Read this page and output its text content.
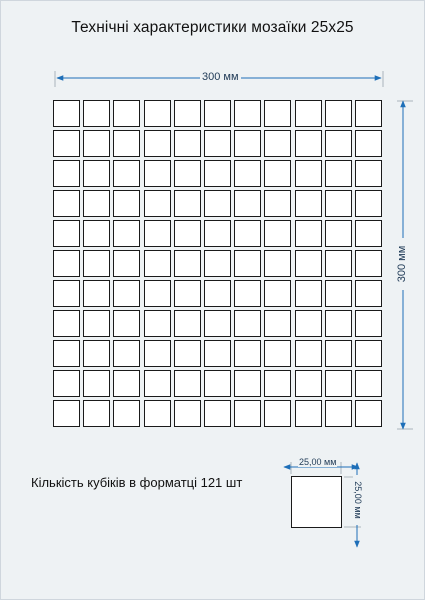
Технічні характеристики мозаїки 25х25
300 мм
300 мм
Кількість кубіків в форматці 121 шт
25,00 мм
25,00 мм
